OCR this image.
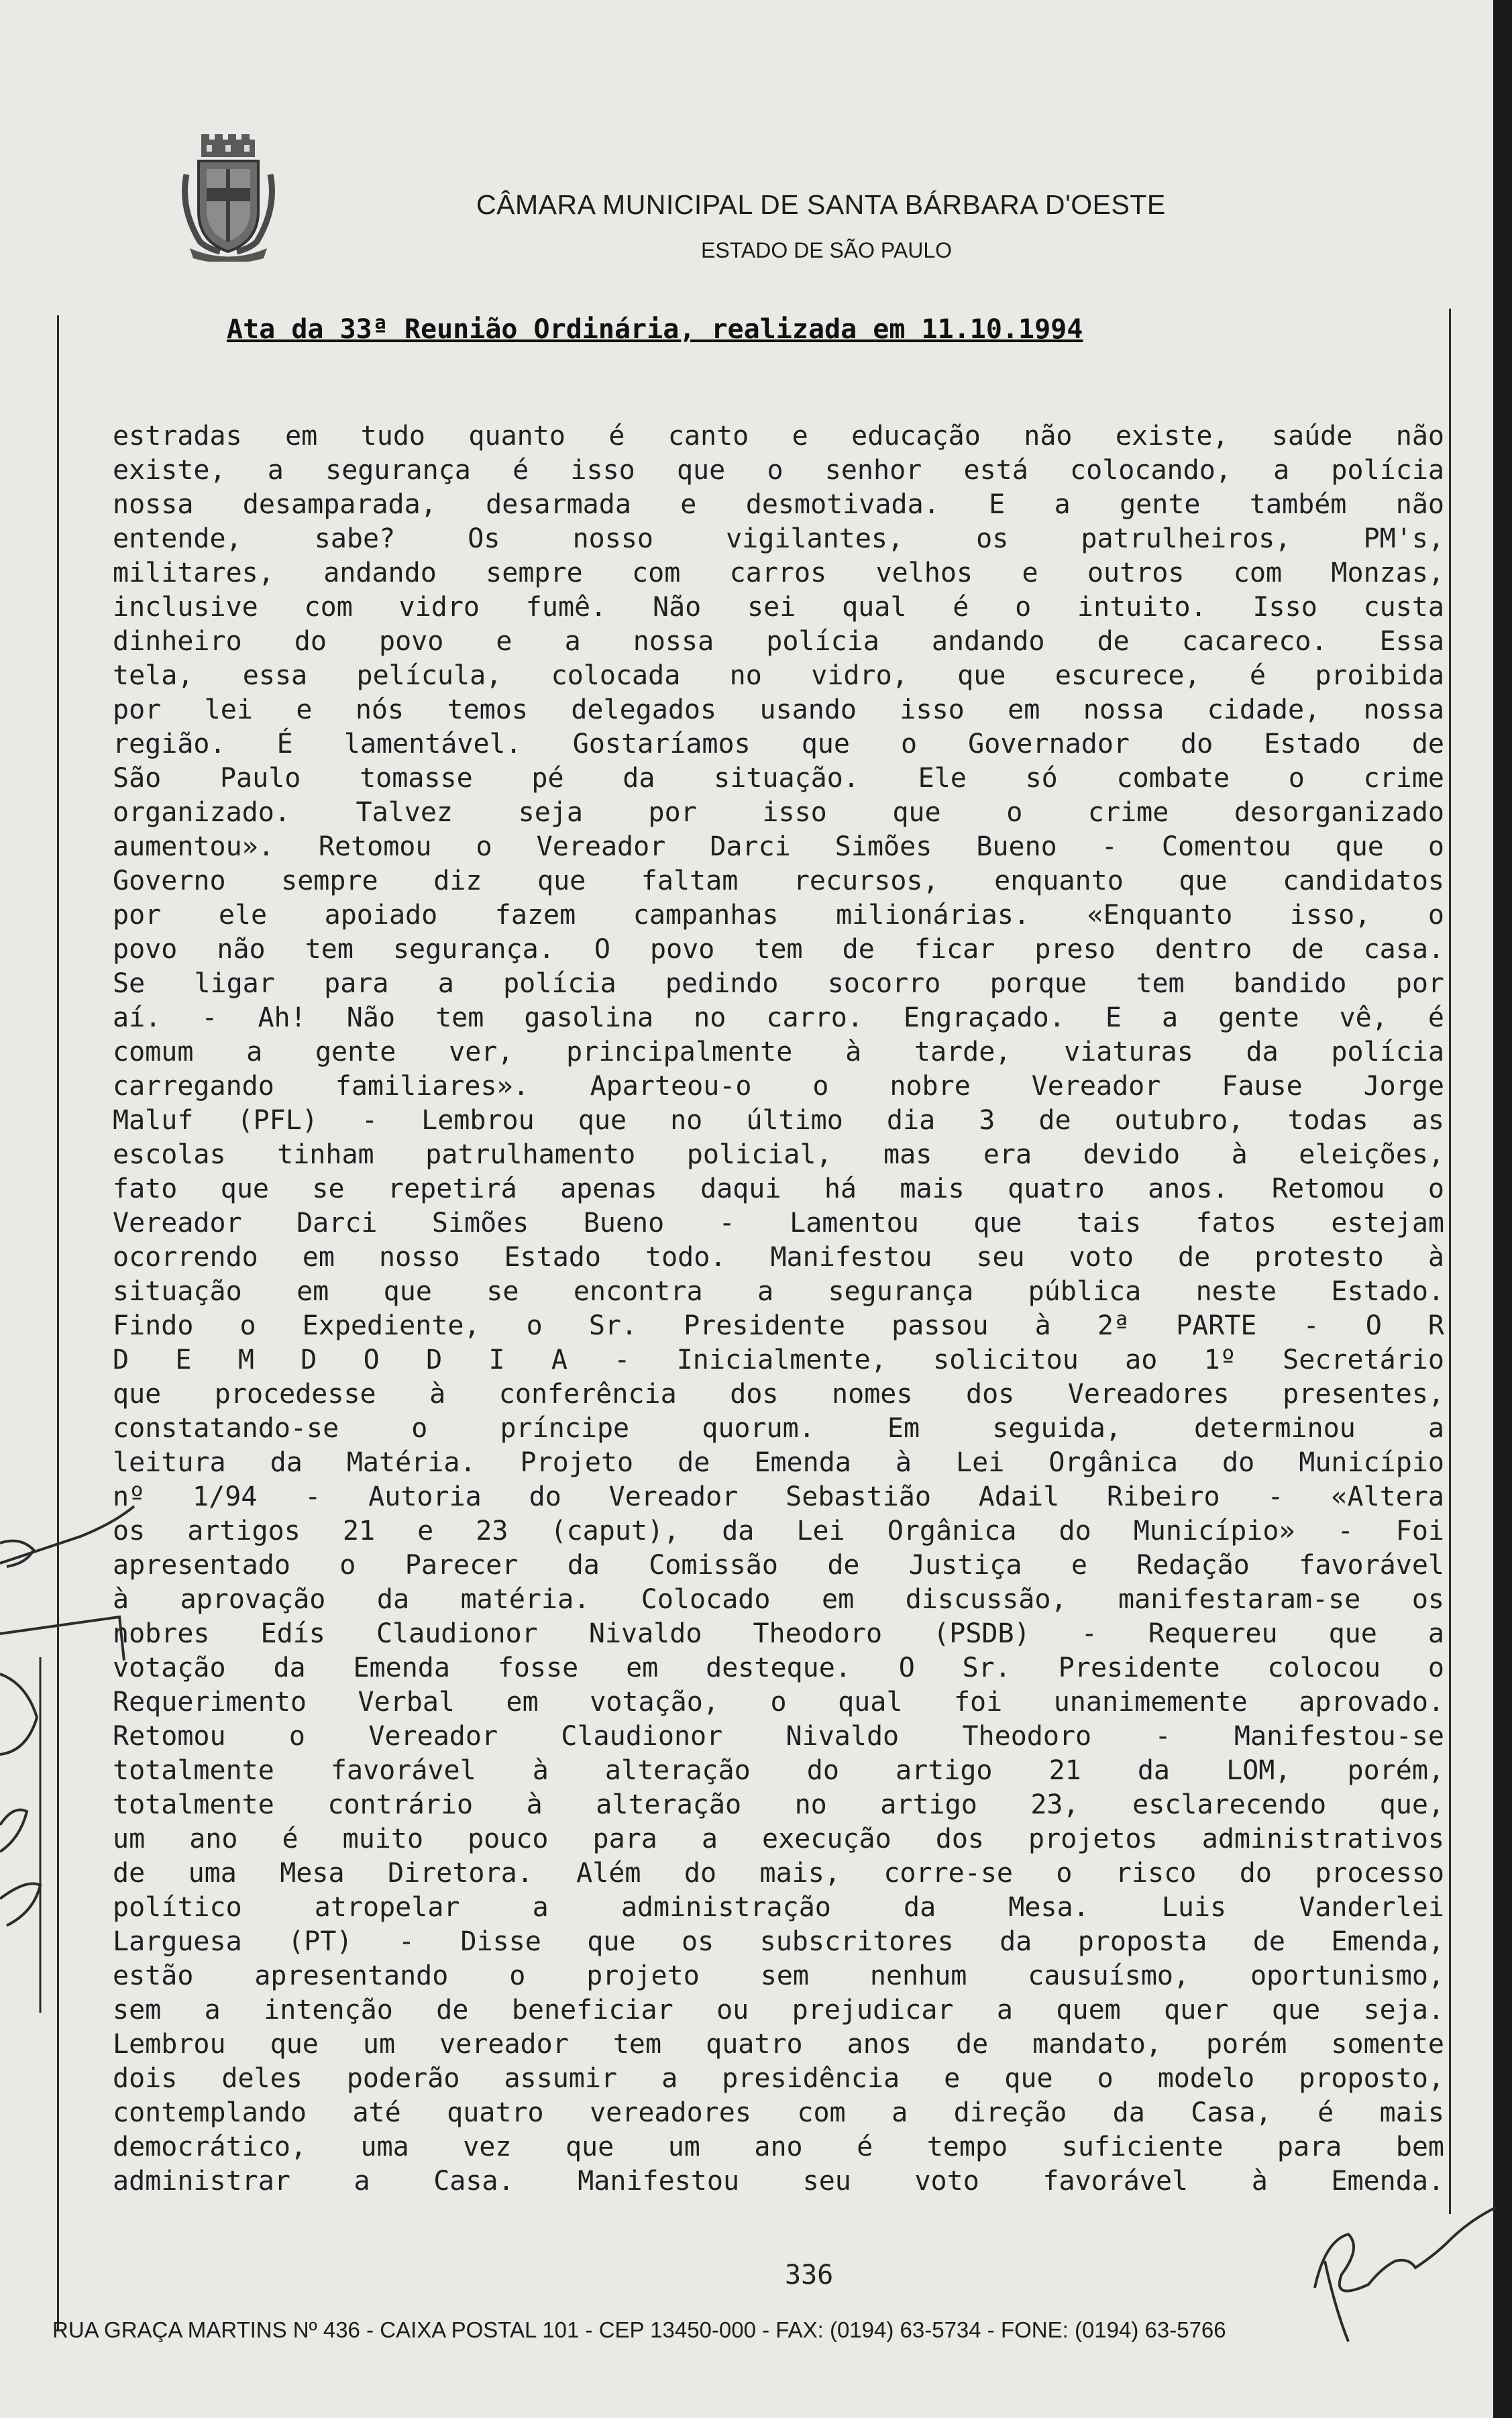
CÂMARA MUNICIPAL DE SANTA BÁRBARA D'OESTE
ESTADO DE SÃO PAULO
Ata da 33ª Reunião Ordinária, realizada em 11.10.1994
estradas em tudo quanto é canto e educação não existe, saúde não
existe, a segurança é isso que o senhor está colocando, a polícia
nossa desamparada, desarmada e desmotivada. E a gente também não
entende, sabe? Os nosso vigilantes, os patrulheiros, PM's,
militares, andando sempre com carros velhos e outros com Monzas,
inclusive com vidro fumê. Não sei qual é o intuito. Isso custa
dinheiro do povo e a nossa polícia andando de cacareco. Essa
tela, essa película, colocada no vidro, que escurece, é proibida
por lei e nós temos delegados usando isso em nossa cidade, nossa
região. É lamentável. Gostaríamos que o Governador do Estado de
São Paulo tomasse pé da situação. Ele só combate o crime
organizado. Talvez seja por isso que o crime desorganizado
aumentou». Retomou o Vereador Darci Simões Bueno - Comentou que o
Governo sempre diz que faltam recursos, enquanto que candidatos
por ele apoiado fazem campanhas milionárias. «Enquanto isso, o
povo não tem segurança. O povo tem de ficar preso dentro de casa.
Se ligar para a polícia pedindo socorro porque tem bandido por
aí. - Ah! Não tem gasolina no carro. Engraçado. E a gente vê, é
comum a gente ver, principalmente à tarde, viaturas da polícia
carregando familiares». Aparteou-o o nobre Vereador Fause Jorge
Maluf (PFL) - Lembrou que no último dia 3 de outubro, todas as
escolas tinham patrulhamento policial, mas era devido à eleições,
fato que se repetirá apenas daqui há mais quatro anos. Retomou o
Vereador Darci Simões Bueno - Lamentou que tais fatos estejam
ocorrendo em nosso Estado todo. Manifestou seu voto de protesto à
situação em que se encontra a segurança pública neste Estado.
Findo o Expediente, o Sr. Presidente passou à 2ª PARTE - O R
D E M D O D I A - Inicialmente, solicitou ao 1º Secretário
que procedesse à conferência dos nomes dos Vereadores presentes,
constatando-se o príncipe quorum. Em seguida, determinou a
leitura da Matéria. Projeto de Emenda à Lei Orgânica do Município
nº 1/94 - Autoria do Vereador Sebastião Adail Ribeiro - «Altera
os artigos 21 e 23 (caput), da Lei Orgânica do Município» - Foi
apresentado o Parecer da Comissão de Justiça e Redação favorável
à aprovação da matéria. Colocado em discussão, manifestaram-se os
nobres Edís Claudionor Nivaldo Theodoro (PSDB) - Requereu que a
votação da Emenda fosse em desteque. O Sr. Presidente colocou o
Requerimento Verbal em votação, o qual foi unanimemente aprovado.
Retomou o Vereador Claudionor Nivaldo Theodoro - Manifestou-se
totalmente favorável à alteração do artigo 21 da LOM, porém,
totalmente contrário à alteração no artigo 23, esclarecendo que,
um ano é muito pouco para a execução dos projetos administrativos
de uma Mesa Diretora. Além do mais, corre-se o risco do processo
político atropelar a administração da Mesa. Luis Vanderlei
Larguesa (PT) - Disse que os subscritores da proposta de Emenda,
estão apresentando o projeto sem nenhum causuísmo, oportunismo,
sem a intenção de beneficiar ou prejudicar a quem quer que seja.
Lembrou que um vereador tem quatro anos de mandato, porém somente
dois deles poderão assumir a presidência e que o modelo proposto,
contemplando até quatro vereadores com a direção da Casa, é mais
democrático, uma vez que um ano é tempo suficiente para bem
administrar a Casa. Manifestou seu voto favorável à Emenda.
336
RUA GRAÇA MARTINS Nº 436 - CAIXA POSTAL 101 - CEP 13450-000 - FAX: (0194) 63-5734 - FONE: (0194) 63-5766
